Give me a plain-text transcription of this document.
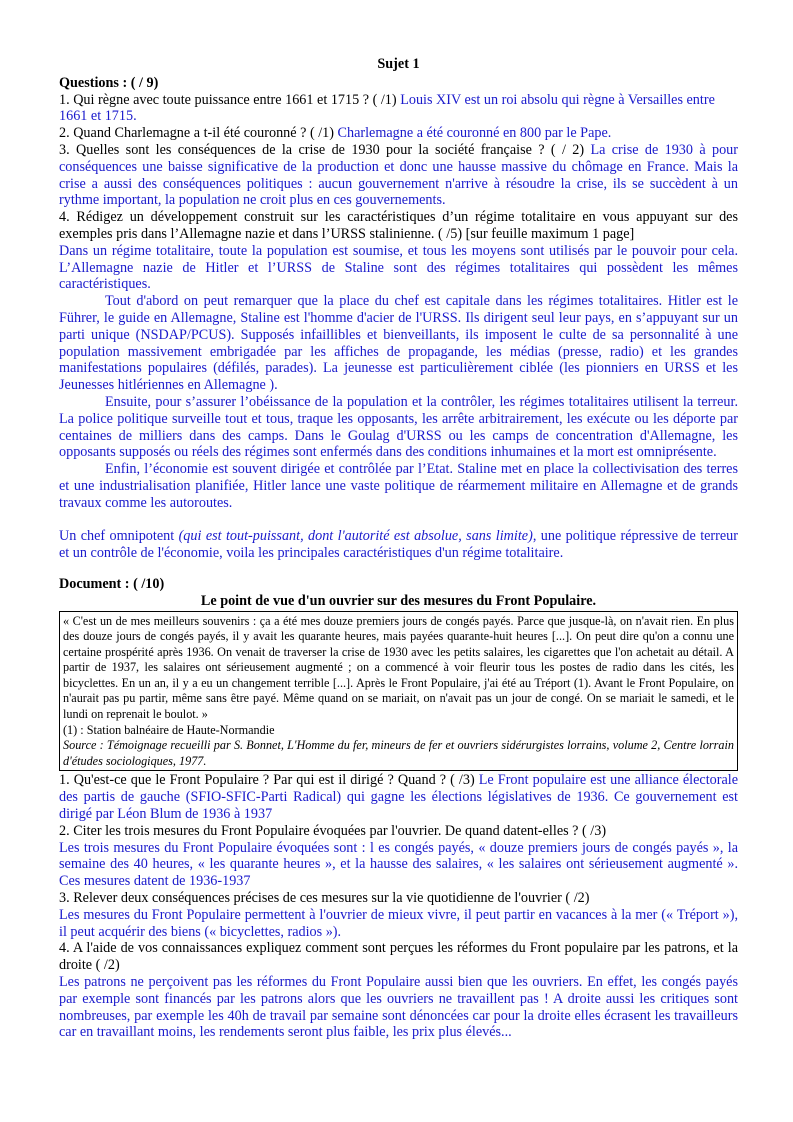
Sujet 1

Questions : ( / 9)

1. Qui règne avec toute puissance entre 1661 et 1715 ? ( /1) Louis XIV est un roi absolu qui règne à Versailles entre 1661 et 1715.

2. Quand Charlemagne a t-il été couronné ? ( /1) Charlemagne a été couronné en 800 par le Pape.

3. Quelles sont les conséquences de la crise de 1930 pour la société française ? ( / 2) La crise de 1930 à pour conséquences une baisse significative de la production et donc une hausse massive du chômage en France. Mais la crise a aussi des conséquences politiques : aucun gouvernement n'arrive à résoudre la crise, ils se succèdent à un rythme important, la population ne croit plus en ces gouvernements.

4. Rédigez un développement construit sur les caractéristiques d’un régime totalitaire en vous appuyant sur des exemples pris dans l’Allemagne nazie et dans l’URSS stalinienne. ( /5) [sur feuille maximum 1 page]

Dans un régime totalitaire, toute la population est soumise, et tous les moyens sont utilisés par le pouvoir pour cela. L’Allemagne nazie de Hitler et l’URSS de Staline sont des régimes totalitaires qui possèdent les mêmes caractéristiques.

Tout d'abord on peut remarquer que la place du chef est capitale dans les régimes totalitaires. Hitler est le Führer, le guide en Allemagne, Staline est l'homme d'acier de l'URSS. Ils dirigent seul leur pays, en s’appuyant sur un parti unique (NSDAP/PCUS). Supposés infaillibles et bienveillants, ils imposent le culte de sa personnalité à une population massivement embrigadée par les affiches de propagande, les médias (presse, radio) et les grandes manifestations populaires (défilés, parades). La jeunesse est particulièrement ciblée (les pionniers en URSS et les Jeunesses hitlériennes en Allemagne ).

Ensuite, pour s’assurer l’obéissance de la population et la contrôler, les régimes totalitaires utilisent la terreur. La police politique surveille tout et tous, traque les opposants, les arrête arbitrairement, les exécute ou les déporte par centaines de milliers dans des camps. Dans le Goulag d'URSS ou les camps de concentration d'Allemagne, les opposants supposés ou réels des régimes sont enfermés dans des conditions inhumaines et la mort est omniprésente.

Enfin, l’économie est souvent dirigée et contrôlée par l’Etat. Staline met en place la collectivisation des terres et une industrialisation planifiée, Hitler lance une vaste politique de réarmement militaire en Allemagne et de grands travaux comme les autoroutes.

Un chef omnipotent (qui est tout-puissant, dont l'autorité est absolue, sans limite), une politique répressive de terreur et un contrôle de l'économie, voila les principales caractéristiques d'un régime totalitaire.

Document : ( /10)

Le point de vue d'un ouvrier sur des mesures du Front Populaire.

« C'est un de mes meilleurs souvenirs : ça a été mes douze premiers jours de congés payés. Parce que jusque-là, on n'avait rien. En plus des douze jours de congés payés, il y avait les quarante heures, mais payées quarante-huit heures [...]. On peut dire qu'on a connu une certaine prospérité après 1936. On venait de traverser la crise de 1930 avec les petits salaires, les cigarettes que l'on achetait au détail. A partir de 1937, les salaires ont sérieusement augmenté ; on a commencé à voir fleurir tous les postes de radio dans les cités, les bicyclettes. En un an, il y a eu un changement terrible [...]. Après le Front Populaire, j'ai été au Tréport (1). Avant le Front Populaire, on n'aurait pas pu partir, même sans être payé. Même quand on se mariait, on n'avait pas un jour de congé. On se mariait le samedi, et le lundi on reprenait le boulot. »

(1) : Station balnéaire de Haute-Normandie

Source : Témoignage recueilli par S. Bonnet, L'Homme du fer, mineurs de fer et ouvriers sidérurgistes lorrains, volume 2, Centre lorrain d'études sociologiques, 1977.

1. Qu'est-ce que le Front Populaire ? Par qui est il dirigé ? Quand ? ( /3) Le Front populaire est une alliance électorale des partis de gauche (SFIO-SFIC-Parti Radical) qui gagne les élections législatives de 1936. Ce gouvernement est dirigé par Léon Blum de 1936 à 1937

2. Citer les trois mesures du Front Populaire évoquées par l'ouvrier. De quand datent-elles ? ( /3)

Les trois mesures du Front Populaire évoquées sont : l es congés payés, « douze premiers jours de congés payés », la semaine des 40 heures, « les quarante heures », et la hausse des salaires, « les salaires ont sérieusement augmenté ». Ces mesures datent de 1936-1937

3. Relever deux conséquences précises de ces mesures sur la vie quotidienne de l'ouvrier ( /2)

Les mesures du Front Populaire permettent à l'ouvrier de mieux vivre, il peut partir en vacances à la mer (« Tréport »), il peut acquérir des biens (« bicyclettes, radios »).

4. A l'aide de vos connaissances expliquez comment sont perçues les réformes du Front populaire par les patrons, et la droite ( /2)

Les patrons ne perçoivent pas les réformes du Front Populaire aussi bien que les ouvriers. En effet, les congés payés par exemple sont financés par les patrons alors que les ouvriers ne travaillent pas ! A droite aussi les critiques sont nombreuses, par exemple les 40h de travail par semaine sont dénoncées car pour la droite elles écrasent les travailleurs car en travaillant moins, les rendements seront plus faible, les prix plus élevés...
